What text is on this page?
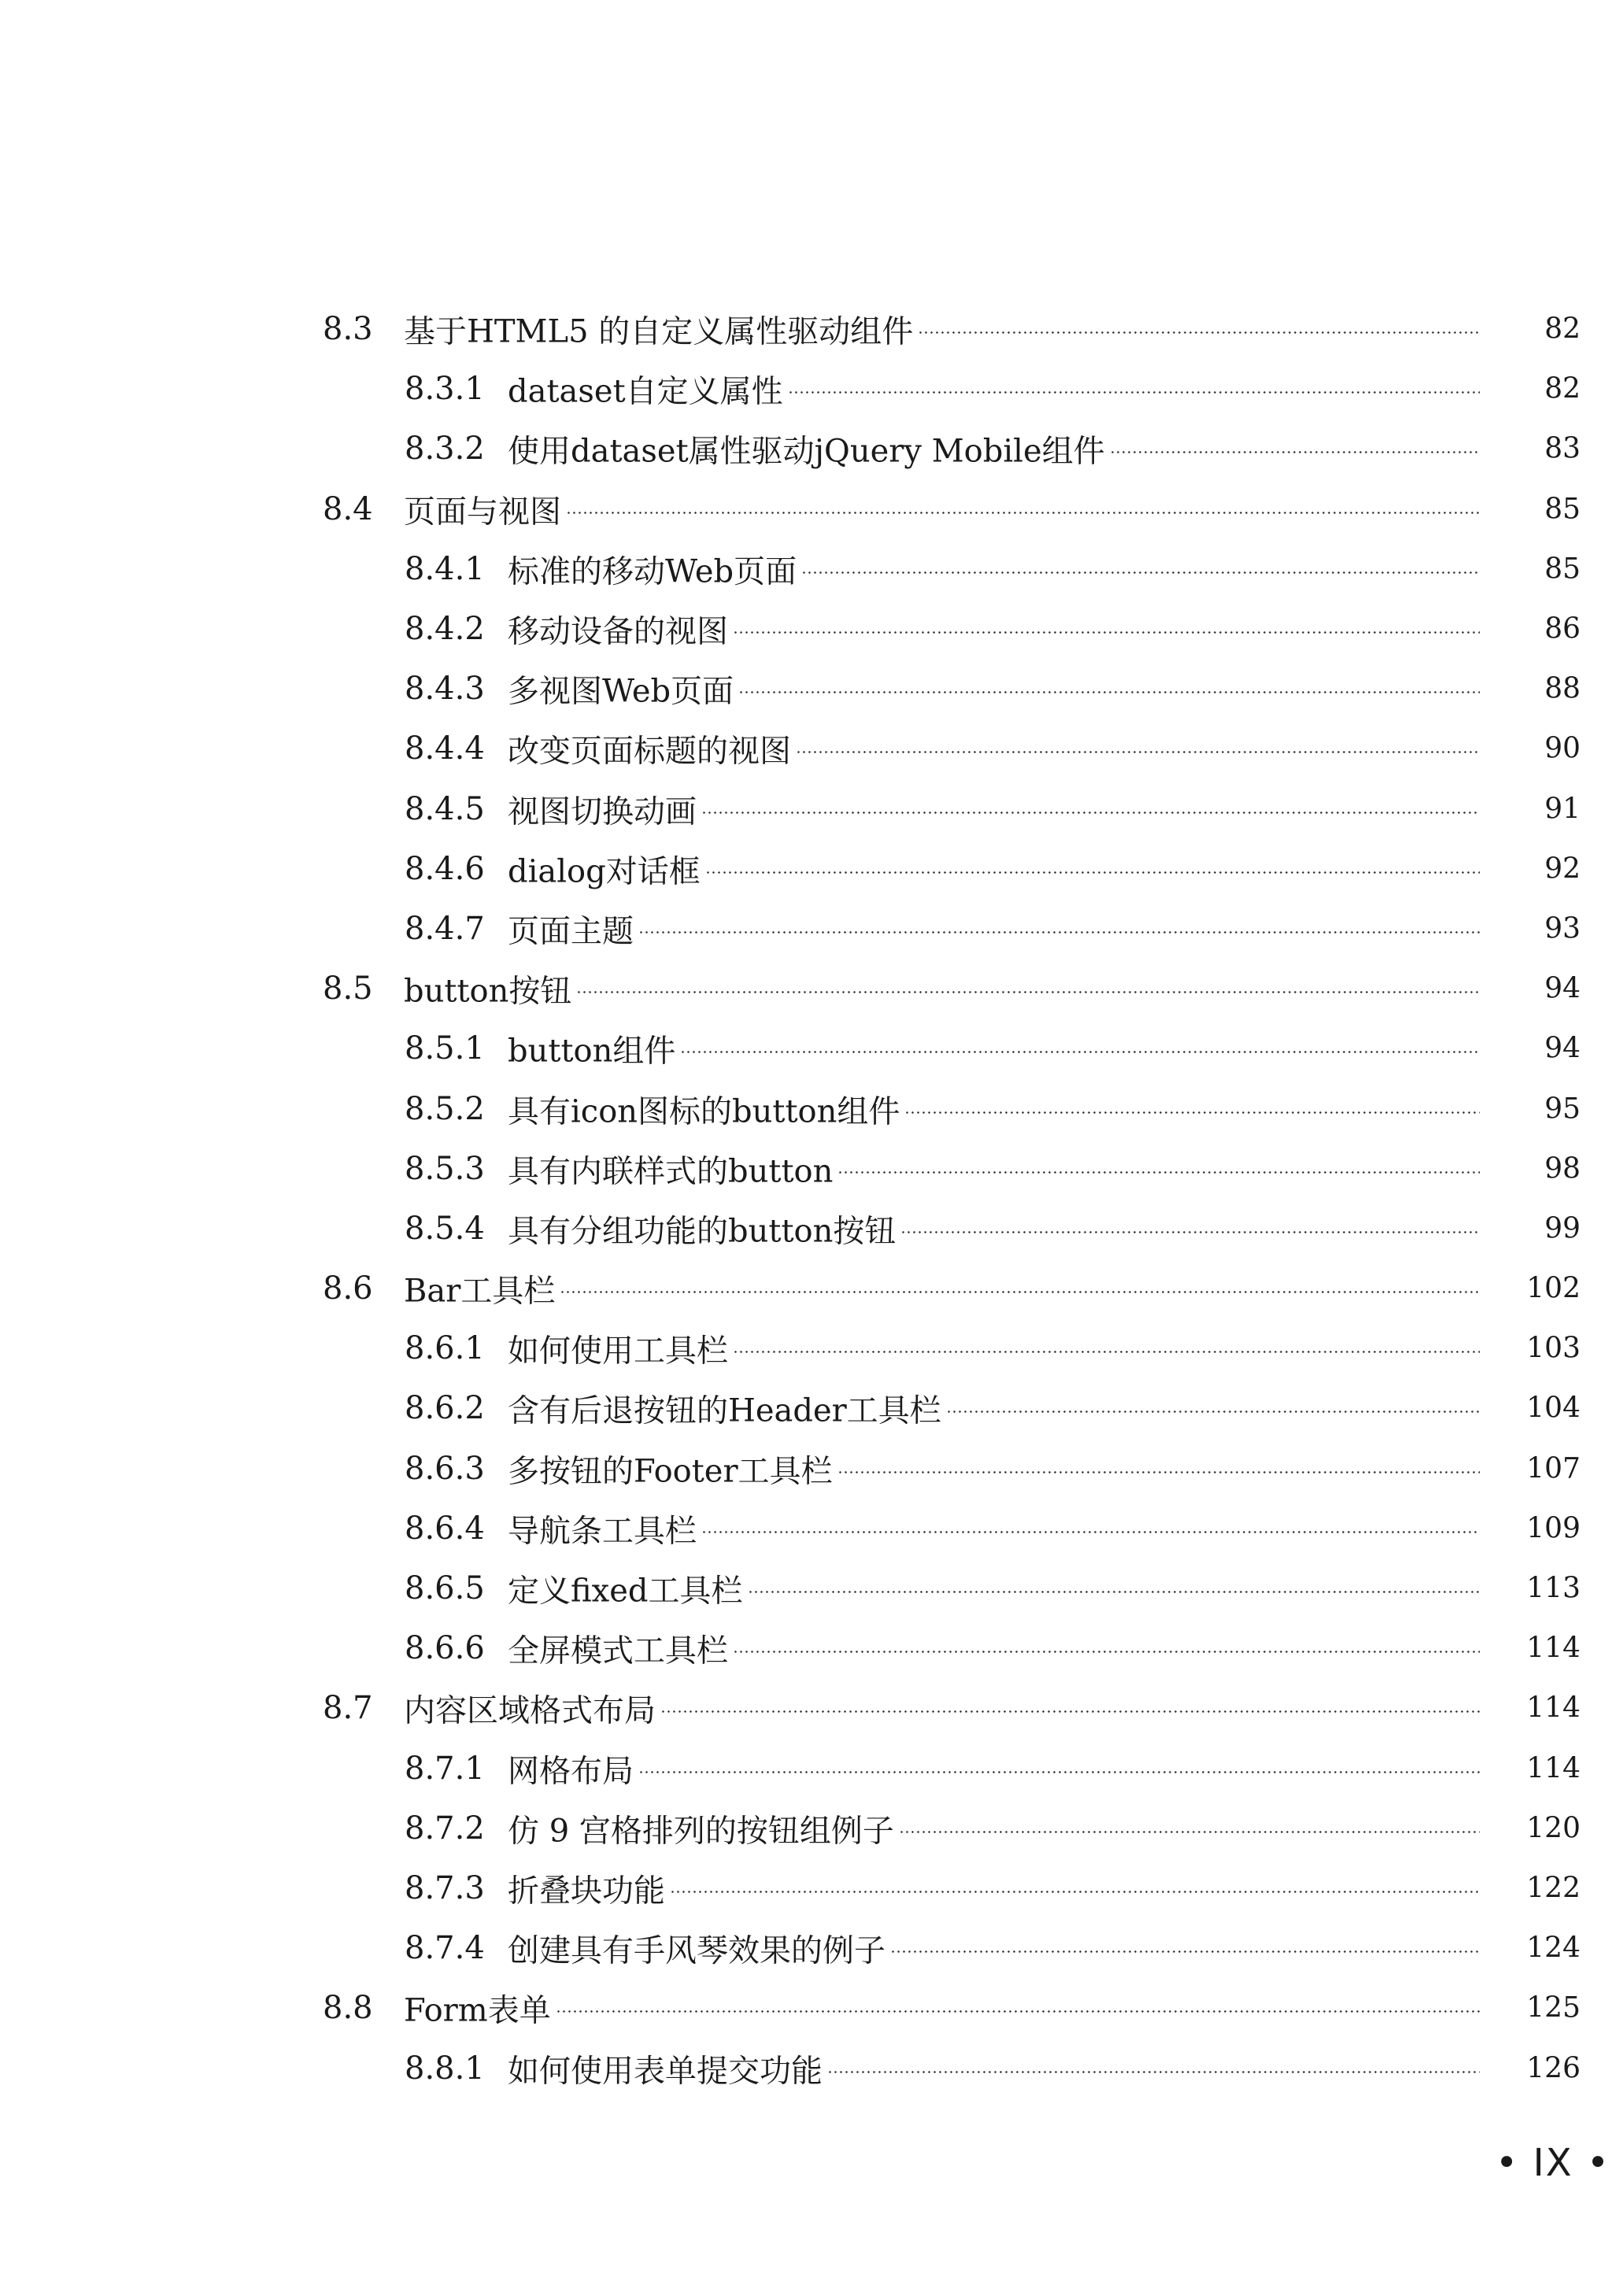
8.3 基于HTML5 的自定义属性驱动组件	82
8.3.1 dataset自定义属性	82
8.3.2 使用dataset属性驱动jQuery Mobile组件	83
8.4 页面与视图	85
8.4.1 标准的移动Web页面	85
8.4.2 移动设备的视图	86
8.4.3 多视图Web页面	88
8.4.4 改变页面标题的视图	90
8.4.5 视图切换动画	91
8.4.6 dialog对话框	92
8.4.7 页面主题	93
8.5 button按钮	94
8.5.1 button组件	94
8.5.2 具有icon图标的button组件	95
8.5.3 具有内联样式的button	98
8.5.4 具有分组功能的button按钮	99
8.6 Bar工具栏	102
8.6.1 如何使用工具栏	103
8.6.2 含有后退按钮的Header工具栏	104
8.6.3 多按钮的Footer工具栏	107
8.6.4 导航条工具栏	109
8.6.5 定义fixed工具栏	113
8.6.6 全屏模式工具栏	114
8.7 内容区域格式布局	114
8.7.1 网格布局	114
8.7.2 仿 9 宫格排列的按钮组例子	120
8.7.3 折叠块功能	122
8.7.4 创建具有手风琴效果的例子	124
8.8 Form表单	125
8.8.1 如何使用表单提交功能	126
• IX •
